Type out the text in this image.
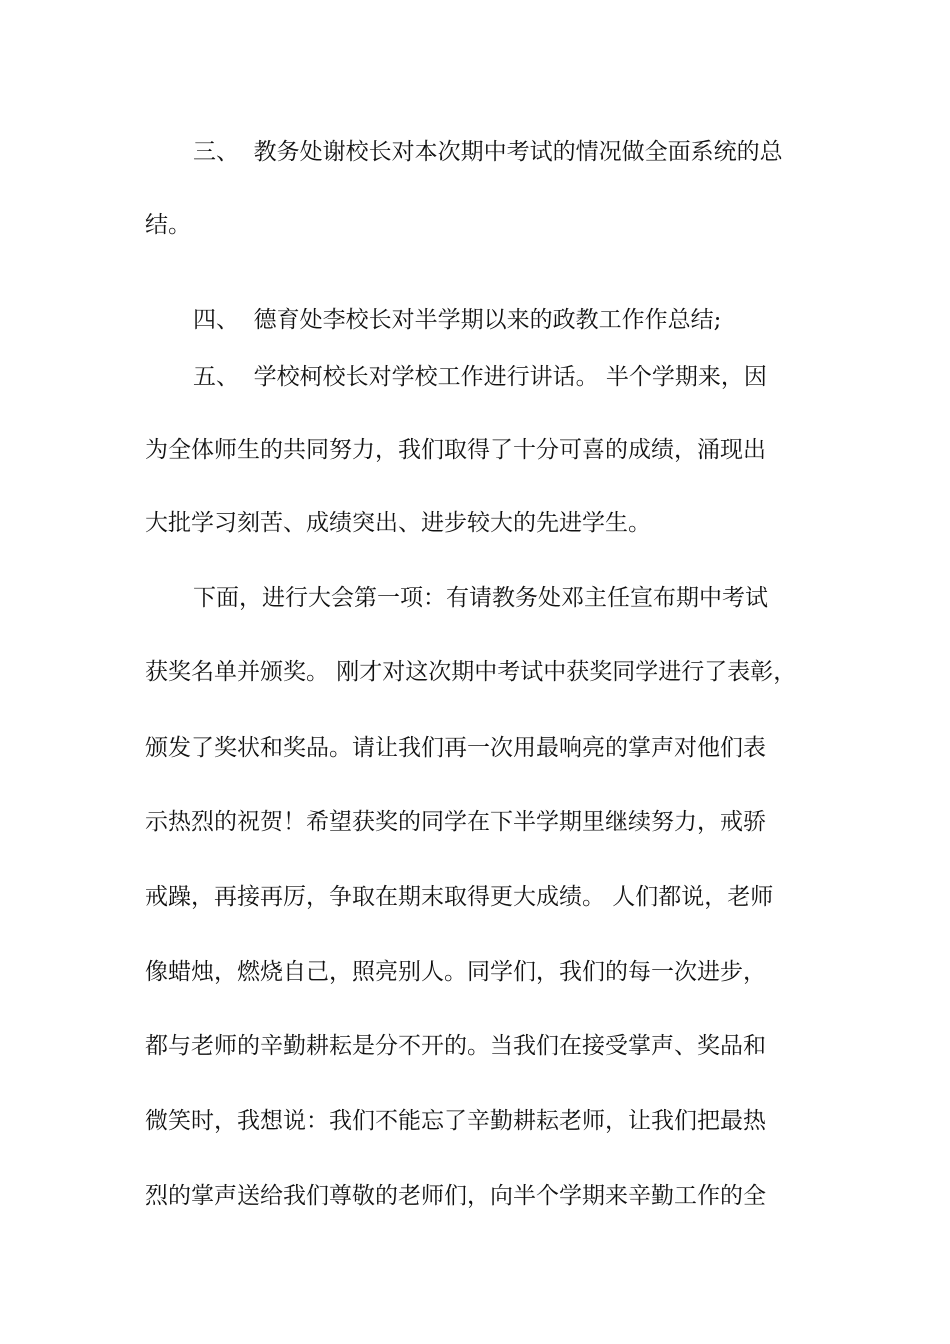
三、  教务处谢校长对本次期中考试的情况做全面系统的总
结。
四、  德育处李校长对半学期以来的政教工作作总结;
五、  学校柯校长对学校工作进行讲话。 半个学期来，因
为全体师生的共同努力，我们取得了十分可喜的成绩，涌现出
大批学习刻苦、成绩突出、进步较大的先进学生。
下面，进行大会第一项：有请教务处邓主任宣布期中考试
获奖名单并颁奖。 刚才对这次期中考试中获奖同学进行了表彰，
颁发了奖状和奖品。请让我们再一次用最响亮的掌声对他们表
示热烈的祝贺！希望获奖的同学在下半学期里继续努力，戒骄
戒躁，再接再厉，争取在期末取得更大成绩。 人们都说，老师
像蜡烛，燃烧自己，照亮别人。同学们，我们的每一次进步，
都与老师的辛勤耕耘是分不开的。当我们在接受掌声、奖品和
微笑时，我想说：我们不能忘了辛勤耕耘老师，让我们把最热
烈的掌声送给我们尊敬的老师们，向半个学期来辛勤工作的全
